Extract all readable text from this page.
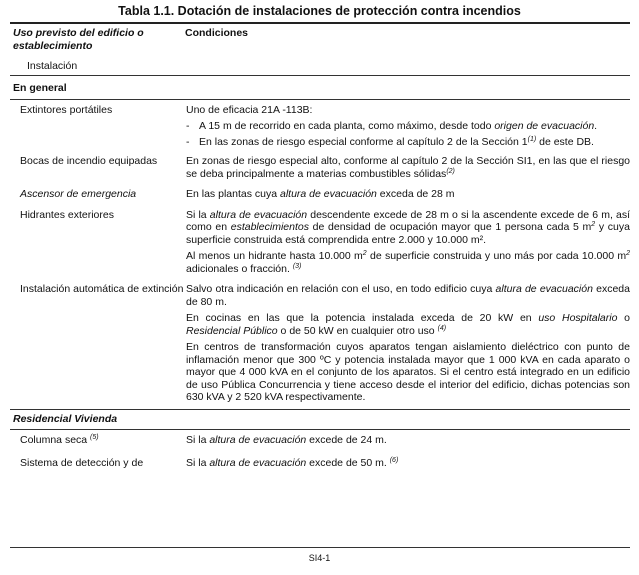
Tabla 1.1. Dotación de instalaciones de protección contra incendios
Uso previsto del edificio o establecimiento
Condiciones
Instalación
En general
Extintores portátiles	Uno de eficacia 21A -113B:

- A 15 m de recorrido en cada planta, como máximo, desde todo origen de evacuación.
- En las zonas de riesgo especial conforme al capítulo 2 de la Sección 1$^{(1)}$ de este DB.
Bocas de incendio equipadas	En zonas de riesgo especial alto, conforme al capítulo 2 de la Sección SI1, en las que el riesgo se deba principalmente a materias combustibles sólidas$^{(2)}$

Ascensor de emergencia	En las plantas cuya altura de evacuación exceda de 28 m

Hidrantes exteriores	Si la altura de evacuación descendente excede de 28 m o si la ascendente excede de 6 m, así como en establecimientos de densidad de ocupación mayor que 1 persona cada 5 $m^2$ y cuya superficie construida está comprendida entre 2.000 y 10.000 m².

Al menos un hidrante hasta 10.000 $m^2$ de superficie construida y uno más por cada 10.000 $m^2$ adicionales o fracción. $^{(3)}$

Instalación automática de extinción Salvo otra indicación en relación con el uso, en todo edificio cuya altura de evacuación exceda de 80 m.

En cocinas en las que la potencia instalada exceda de 20 kW en uso Hospitalario o Residencial Público o de 50 kW en cualquier otro uso $^{(4)}$

En centros de transformación cuyos aparatos tengan aislamiento dieléctrico con punto de inflamación menor que 300 ºC y potencia instalada mayor que 1 000 kVA en cada aparato o mayor que 4 000 kVA en el conjunto de los aparatos. Si el centro está integrado en un edificio de uso Pública Concurrencia y tiene acceso desde el interior del edificio, dichas potencias son 630 kVA y 2 520 kVA respectivamente.

Residencial Vivienda
Columna seca $^{(5)}$	Si la altura de evacuación excede de 24 m.

Sistema de detección y de	Si la altura de evacuación excede de 50 m. $^{(6)}$

SI4-1
